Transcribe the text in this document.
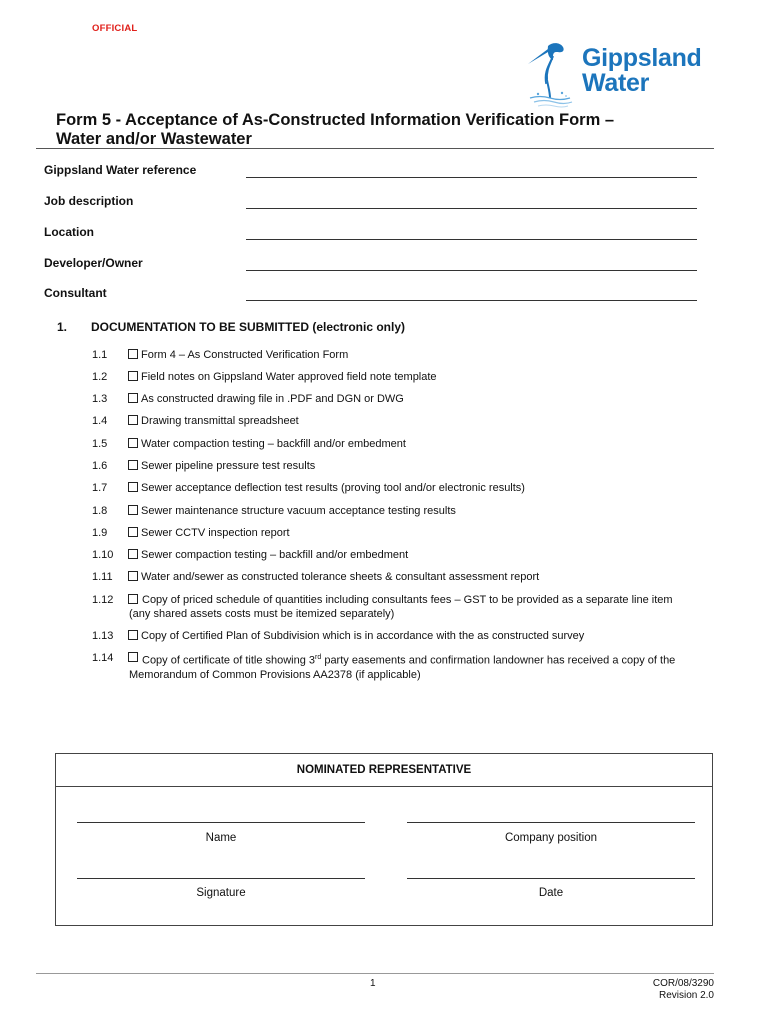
OFFICIAL
Gippsland
Water
Form 5 - Acceptance of As-Constructed Information Verification Form –
Water and/or Wastewater
Gippsland Water reference
Job description
Location
Developer/Owner
Consultant
1. DOCUMENTATION TO BE SUBMITTED (electronic only)
1.1	Form 4 – As Constructed Verification Form
1.2	Field notes on Gippsland Water approved field note template
1.3	As constructed drawing file in .PDF and DGN or DWG
1.4	Drawing transmittal spreadsheet
1.5	Water compaction testing – backfill and/or embedment
1.6	Sewer pipeline pressure test results
1.7	Sewer acceptance deflection test results (proving tool and/or electronic results)
1.8	Sewer maintenance structure vacuum acceptance testing results
1.9	Sewer CCTV inspection report
1.10	Sewer compaction testing – backfill and/or embedment
1.11	Water and/sewer as constructed tolerance sheets & consultant assessment report
1.12	Copy of priced schedule of quantities including consultants fees – GST to be provided as a separate line item (any shared assets costs must be itemized separately)
1.13	Copy of Certified Plan of Subdivision which is in accordance with the as constructed survey
1.14	Copy of certificate of title showing 3rd party easements and confirmation landowner has received a copy of the Memorandum of Common Provisions AA2378 (if applicable)
NOMINATED REPRESENTATIVE
Name	Company position
Signature	Date
1	COR/08/3290
Revision 2.0
